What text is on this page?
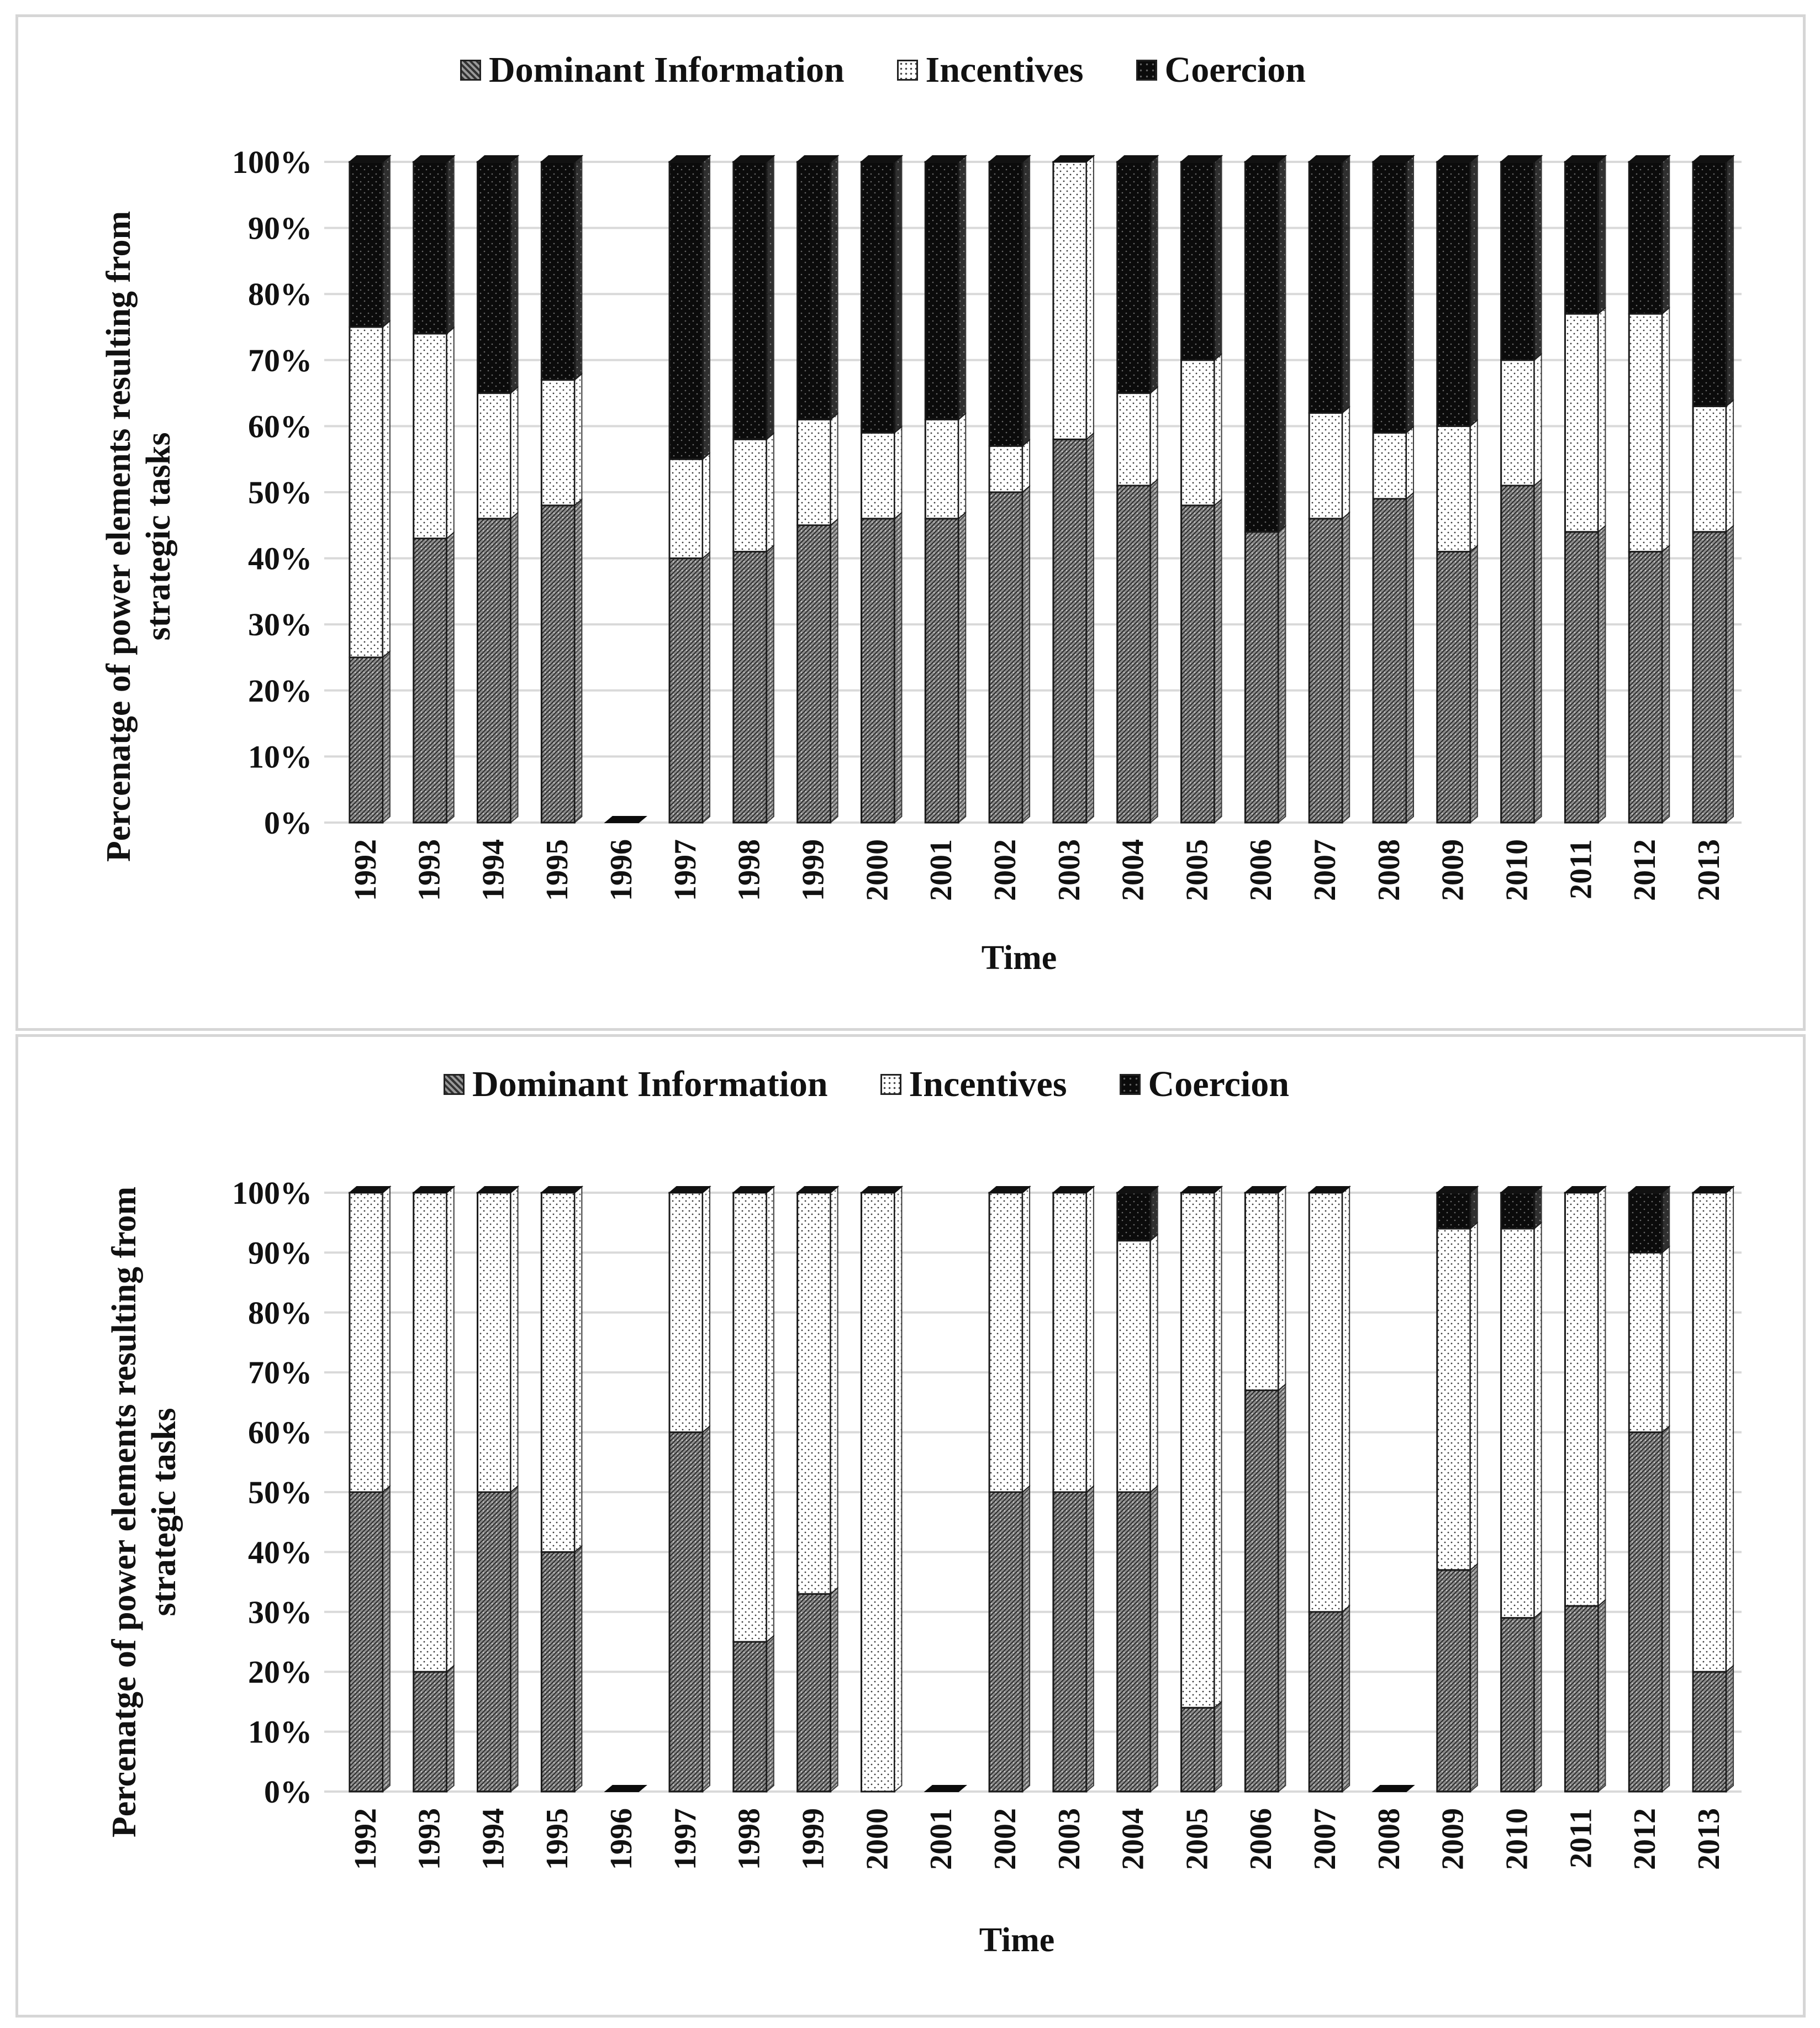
Dominant Information Incentives Coercion
Percenatge of power elements resulting from strategic tasks
Time
0%
10%
20%
30%
40%
50%
60%
70%
80%
90%
100%
1992 1993 1994 1995 1996 1997 1998 1999 2000 2001 2002 2003 2004 2005 2006 2007 2008 2009 2010 2011 2012 2013
Dominant Information Incentives Coercion
Percenatge of power elements resulting from strategic tasks
Time
0%
10%
20%
30%
40%
50%
60%
70%
80%
90%
100%
1992 1993 1994 1995 1996 1997 1998 1999 2000 2001 2002 2003 2004 2005 2006 2007 2008 2009 2010 2011 2012 2013
